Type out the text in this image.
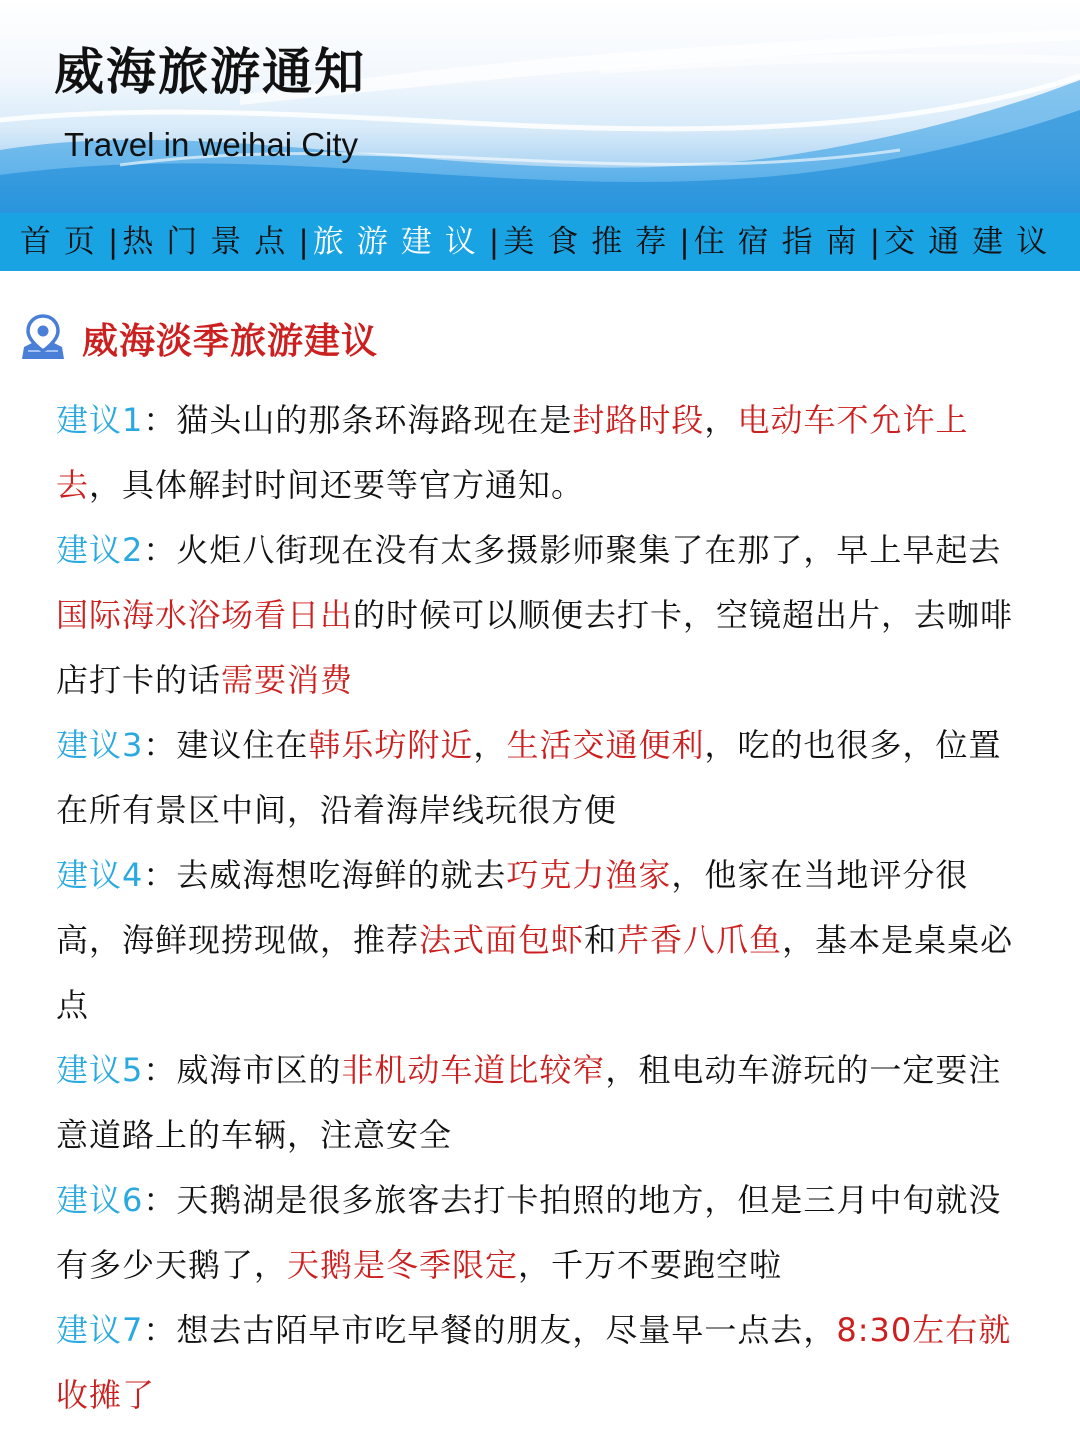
威海旅游通知
Travel in weihai City
首页 | 热门景点 | 旅游建议 | 美食推荐 | 住宿指南 | 交通建议
威海淡季旅游建议

建议1：猫头山的那条环海路现在是封路时段，电动车不允许上去，具体解封时间还要等官方通知。

建议2：火炬八街现在没有太多摄影师聚集了在那了，早上早起去国际海水浴场看日出的时候可以顺便去打卡，空镜超出片，去咖啡店打卡的话需要消费

建议3：建议住在韩乐坊附近，生活交通便利，吃的也很多，位置在所有景区中间，沿着海岸线玩很方便

建议4：去威海想吃海鲜的就去巧克力渔家，他家在当地评分很高，海鲜现捞现做，推荐法式面包虾和芹香八爪鱼，基本是桌桌必点

建议5：威海市区的非机动车道比较窄，租电动车游玩的一定要注意道路上的车辆，注意安全

建议6：天鹅湖是很多旅客去打卡拍照的地方，但是三月中旬就没有多少天鹅了，天鹅是冬季限定，千万不要跑空啦

建议7：想去古陌早市吃早餐的朋友，尽量早一点去，8:30左右就收摊了
